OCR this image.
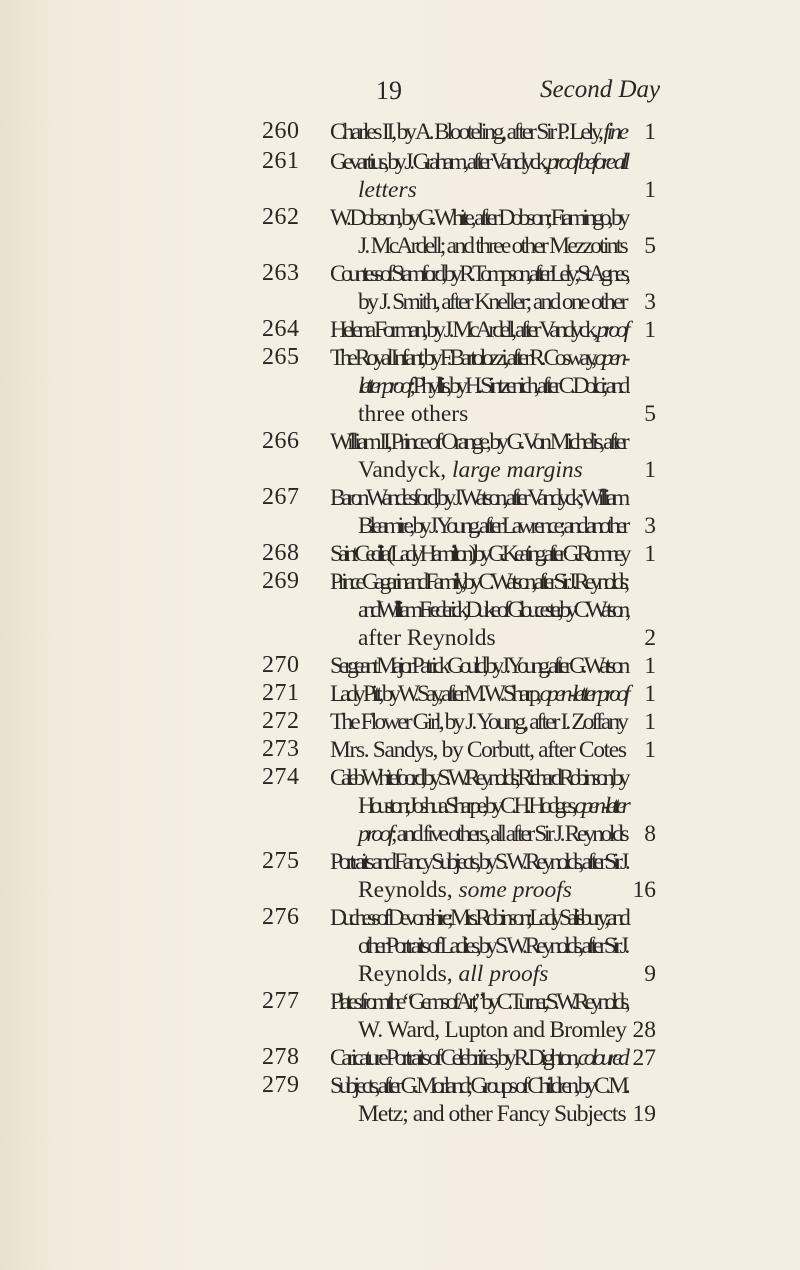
19	Second Day
260	Charles II, by A. Blooteling, after Sir P. Lely, fine 1
261	Gevartius, by J. Graham, after Vandyck, proof before all
letters	1
262	W. Dobson, by G. White, after Dobson; Fiamingo, by
J. McArdell; and three other Mezzotints 5
263	Countess of Stamford, by R. Tompson, after Lely; St. Agnes,
by J. Smith, after Kneller; and one other 3
264	Helena Forman, by J. McArdell, after Vandyck, proof 1
265	The Royal Infant, by F. Bartolozzi, after R. Cosway, open-
letter proof; Phyllis, by H. Sintzenich, after C. Dolci; and
three others	5
266	William II, Prince of Orange, by G. Von Michelis, after
Vandyck, large margins	1
267	Baron Wandesford, by J. Watson, after Vandyck; William
Bleamire, by J. Young, after Lawrence; and another 3
268	Saint Cecilia (Lady Hamilton), by G. Keating, after G. Romney 1
269	Prince Gagarin and Family, by C. Watson, after Sir J. Reynolds;
and William Frederick, Duke of Gloucester, by C. Watson,
after Reynolds	2
270	Sergeant Major Patrick Gould, by J. Young, after G. Watson 1
271	Lady Pitt, by W. Say, after M. W. Sharp, open-letter proof 1
272	The Flower Girl, by J. Young, after I. Zoffany 1
273	Mrs. Sandys, by Corbutt, after Cotes 1
274	Caleb Whitefoord, by S. W. Reynolds; Richard Robinson, by
Houston; Joshua Sharpe, by C. H. Hodges, open-letter
proof; and five others, all after Sir J. Reynolds 8
275	Portraits and Fancy Subjects, by S. W. Reynolds, after Sir J.
Reynolds, some proofs	16
276	Duchess of Devonshire; Mrs. Robinson; Lady Salisbury; and
other Portraits of Ladies, by S. W. Reynolds, after Sir J.
Reynolds, all proofs	9
277	Plates from the “Gems of Art,” by C. Turner, S. W. Reynolds,
W. Ward, Lupton and Bromley 28
278	Caricature Portraits of Celebrities, by R. Dighton, coloured 27
279	Subjects, after G. Morland; Groups of Children, by C. M.
Metz; and other Fancy Subjects 19
